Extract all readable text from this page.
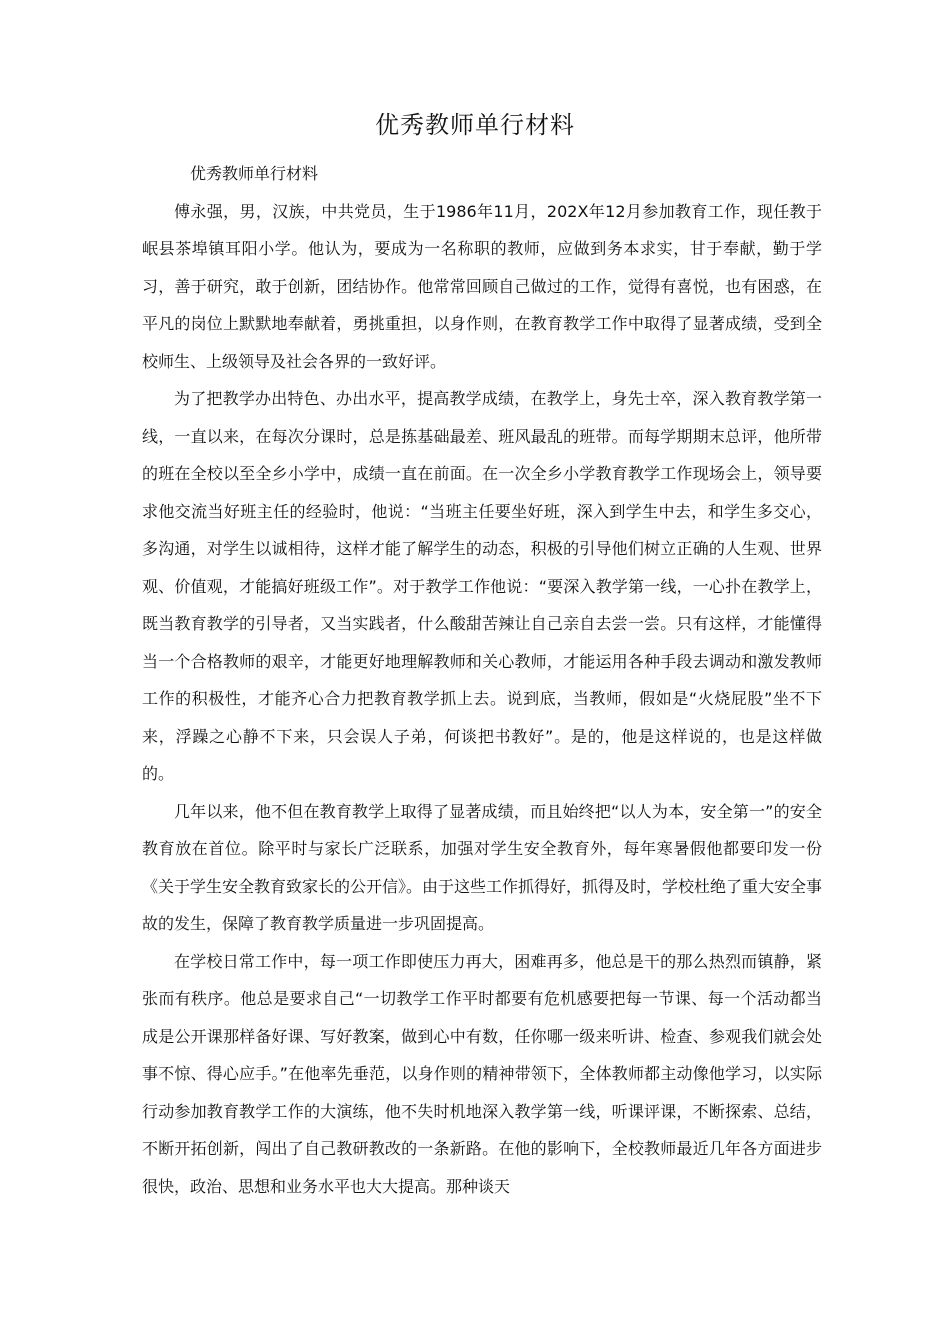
优秀教师单行材料
优秀教师单行材料

傅永强，男，汉族，中共党员，生于1986年11月，202X年12月参加教育工作，现任教于岷县茶埠镇耳阳小学。他认为，要成为一名称职的教师，应做到务本求实，甘于奉献，勤于学习，善于研究，敢于创新，团结协作。他常常回顾自己做过的工作，觉得有喜悦，也有困惑，在平凡的岗位上默默地奉献着，勇挑重担，以身作则，在教育教学工作中取得了显著成绩，受到全校师生、上级领导及社会各界的一致好评。

为了把教学办出特色、办出水平，提高教学成绩，在教学上，身先士卒，深入教育教学第一线，一直以来，在每次分课时，总是拣基础最差、班风最乱的班带。而每学期期末总评，他所带的班在全校以至全乡小学中，成绩一直在前面。在一次全乡小学教育教学工作现场会上，领导要求他交流当好班主任的经验时，他说：“当班主任要坐好班，深入到学生中去，和学生多交心，多沟通，对学生以诚相待，这样才能了解学生的动态，积极的引导他们树立正确的人生观、世界观、价值观，才能搞好班级工作”。对于教学工作他说：“要深入教学第一线，一心扑在教学上，既当教育教学的引导者，又当实践者，什么酸甜苦辣让自己亲自去尝一尝。只有这样，才能懂得当一个合格教师的艰辛，才能更好地理解教师和关心教师，才能运用各种手段去调动和激发教师工作的积极性，才能齐心合力把教育教学抓上去。说到底，当教师，假如是“火烧屁股”坐不下来，浮躁之心静不下来，只会误人子弟，何谈把书教好”。是的，他是这样说的，也是这样做的。

几年以来，他不但在教育教学上取得了显著成绩，而且始终把“以人为本，安全第一”的安全教育放在首位。除平时与家长广泛联系，加强对学生安全教育外，每年寒暑假他都要印发一份《关于学生安全教育致家长的公开信》。由于这些工作抓得好，抓得及时，学校杜绝了重大安全事故的发生，保障了教育教学质量进一步巩固提高。

在学校日常工作中，每一项工作即使压力再大，困难再多，他总是干的那么热烈而镇静，紧张而有秩序。他总是要求自己“一切教学工作平时都要有危机感要把每一节课、每一个活动都当成是公开课那样备好课、写好教案，做到心中有数，任你哪一级来听讲、检查、参观我们就会处事不惊、得心应手。”在他率先垂范，以身作则的精神带领下，全体教师都主动像他学习，以实际行动参加教育教学工作的大演练，他不失时机地深入教学第一线，听课评课，不断探索、总结，不断开拓创新，闯出了自己教研教改的一条新路。在他的影响下，全校教师最近几年各方面进步很快，政治、思想和业务水平也大大提高。那种谈天
